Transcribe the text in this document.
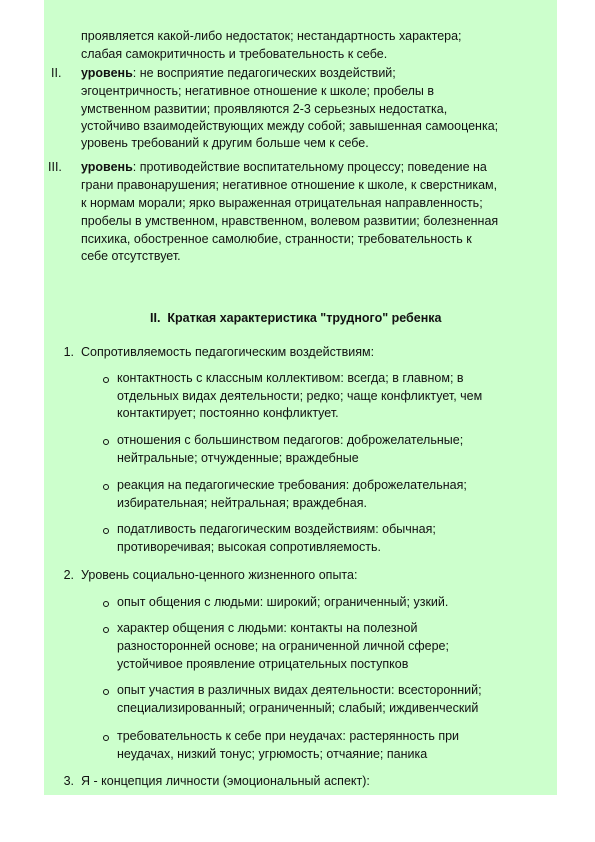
проявляется какой-либо недостаток; нестандартность характера;
слабая самокритичность и требовательность к себе.
II. уровень: не восприятие педагогических воздействий;
эгоцентричность; негативное отношение к школе; пробелы в
умственном развитии; проявляются 2-3 серьезных недостатка,
устойчиво взаимодействующих между собой; завышенная самооценка;
уровень требований к другим больше чем к себе.
III. уровень: противодействие воспитательному процессу; поведение на
грани правонарушения; негативное отношение к школе, к сверстникам,
к нормам морали; ярко выраженная отрицательная направленность;
пробелы в умственном, нравственном, волевом развитии; болезненная
психика, обостренное самолюбие, странности; требовательность к
себе отсутствует.
II. Краткая характеристика "трудного" ребенка
1. Сопротивляемость педагогическим воздействиям:
контактность с классным коллективом: всегда; в главном; в
отдельных видах деятельности; редко; чаще конфликтует, чем
контактирует; постоянно конфликтует.
отношения с большинством педагогов: доброжелательные;
нейтральные; отчужденные; враждебные
реакция на педагогические требования: доброжелательная;
избирательная; нейтральная; враждебная.
податливость педагогическим воздействиям: обычная;
противоречивая; высокая сопротивляемость.
2. Уровень социально-ценного жизненного опыта:
опыт общения с людьми: широкий; ограниченный; узкий.
характер общения с людьми: контакты на полезной
разносторонней основе; на ограниченной личной сфере;
устойчивое проявление отрицательных поступков
опыт участия в различных видах деятельности: всесторонний;
специализированный; ограниченный; слабый; иждивенческий
требовательность к себе при неудачах: растерянность при
неудачах, низкий тонус; угрюмость; отчаяние; паника
3. Я - концепция личности (эмоциональный аспект):
